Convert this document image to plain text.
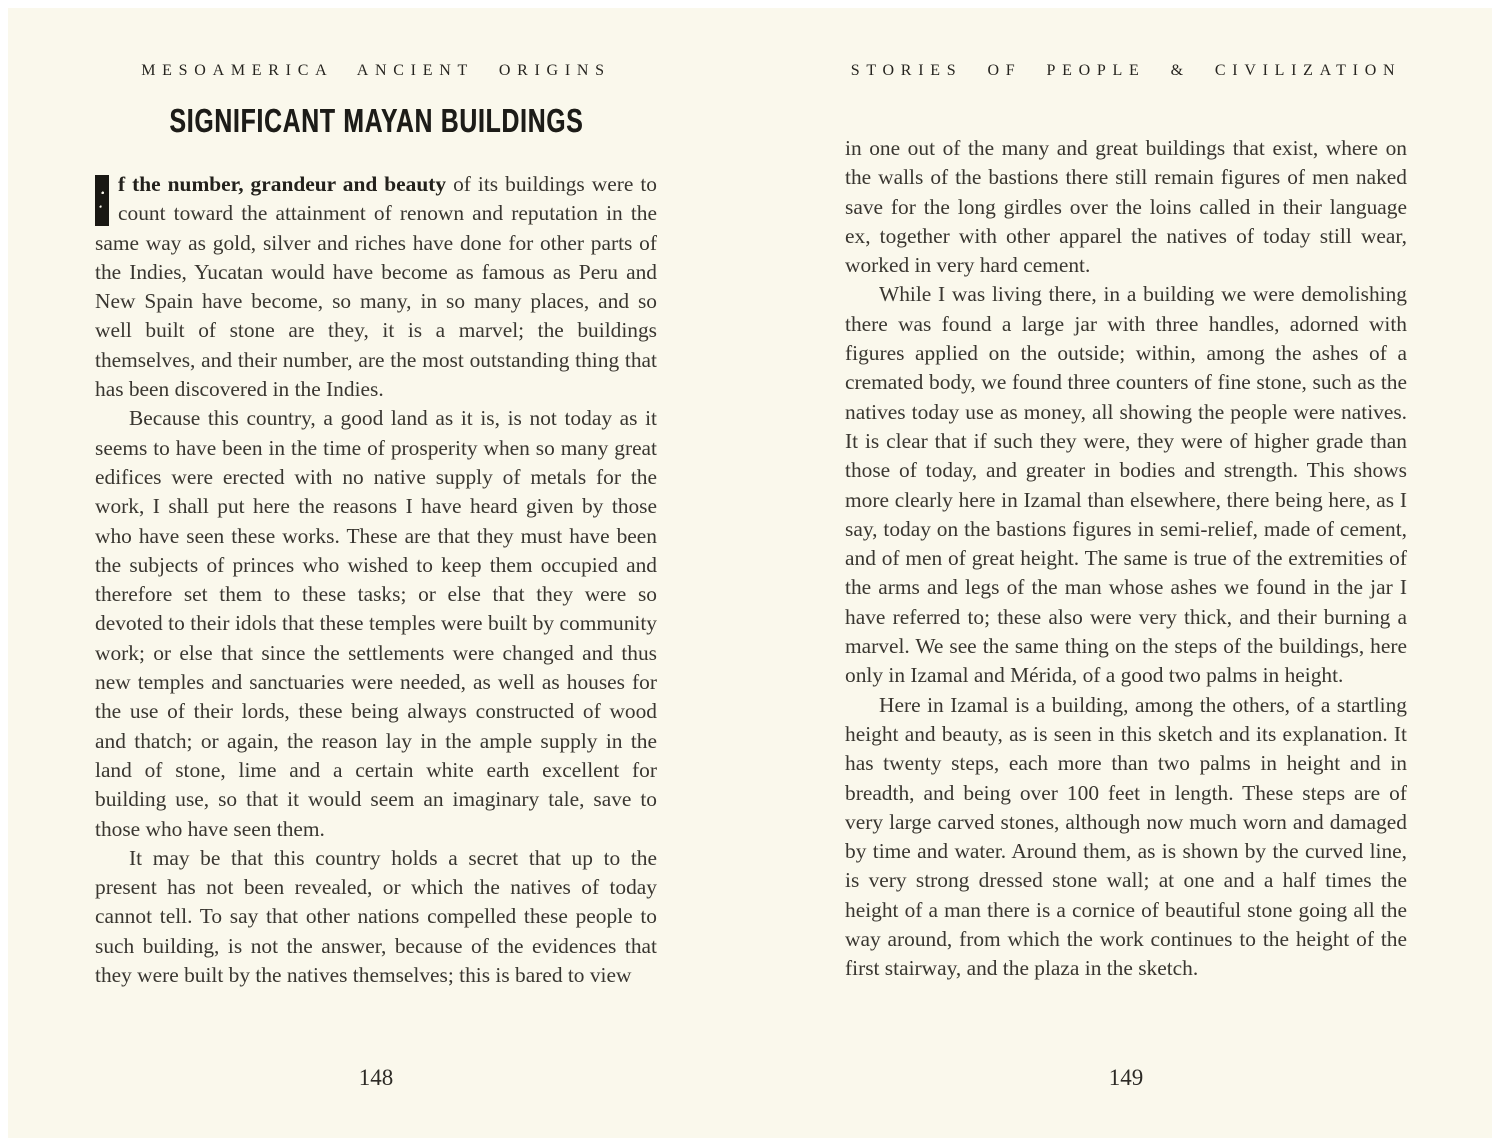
MESOAMERICA ANCIENT ORIGINS
SIGNIFICANT MAYAN BUILDINGS

f the number, grandeur and beauty of its buildings were to count toward the attainment of renown and reputation in the same way as gold, silver and riches have done for other parts of the Indies, Yucatan would have become as famous as Peru and New Spain have become, so many, in so many places, and so well built of stone are they, it is a marvel; the buildings themselves, and their number, are the most outstanding thing that has been discovered in the Indies.

Because this country, a good land as it is, is not today as it seems to have been in the time of prosperity when so many great edifices were erected with no native supply of metals for the work, I shall put here the reasons I have heard given by those who have seen these works. These are that they must have been the subjects of princes who wished to keep them occupied and therefore set them to these tasks; or else that they were so devoted to their idols that these temples were built by community work; or else that since the settlements were changed and thus new temples and sanctuaries were needed, as well as houses for the use of their lords, these being always constructed of wood and thatch; or again, the reason lay in the ample supply in the land of stone, lime and a certain white earth excellent for building use, so that it would seem an imaginary tale, save to those who have seen them.

It may be that this country holds a secret that up to the present has not been revealed, or which the natives of today cannot tell. To say that other nations compelled these people to such building, is not the answer, because of the evidences that they were built by the natives themselves; this is bared to view

148
STORIES OF PEOPLE & CIVILIZATION

in one out of the many and great buildings that exist, where on the walls of the bastions there still remain figures of men naked save for the long girdles over the loins called in their language ex, together with other apparel the natives of today still wear, worked in very hard cement.

While I was living there, in a building we were demolishing there was found a large jar with three handles, adorned with figures applied on the outside; within, among the ashes of a cremated body, we found three counters of fine stone, such as the natives today use as money, all showing the people were natives. It is clear that if such they were, they were of higher grade than those of today, and greater in bodies and strength. This shows more clearly here in Izamal than elsewhere, there being here, as I say, today on the bastions figures in semi-relief, made of cement, and of men of great height. The same is true of the extremities of the arms and legs of the man whose ashes we found in the jar I have referred to; these also were very thick, and their burning a marvel. We see the same thing on the steps of the buildings, here only in Izamal and Mérida, of a good two palms in height.

Here in Izamal is a building, among the others, of a startling height and beauty, as is seen in this sketch and its explanation. It has twenty steps, each more than two palms in height and in breadth, and being over 100 feet in length. These steps are of very large carved stones, although now much worn and damaged by time and water. Around them, as is shown by the curved line, is very strong dressed stone wall; at one and a half times the height of a man there is a cornice of beautiful stone going all the way around, from which the work continues to the height of the first stairway, and the plaza in the sketch.

149
